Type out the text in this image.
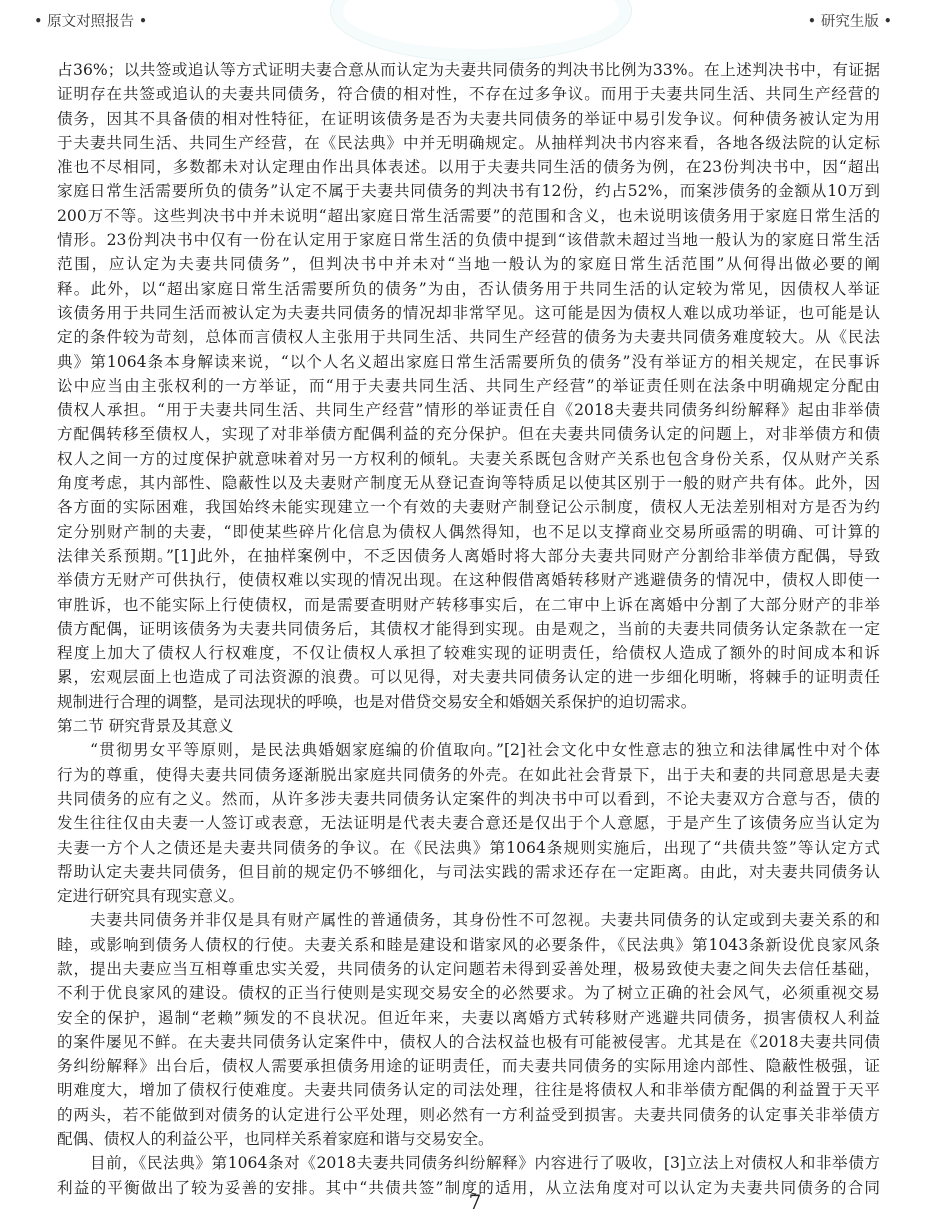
• 原文对照报告 •	• 研究生版 •
占36%；以共签或追认等方式证明夫妻合意从而认定为夫妻共同债务的判决书比例为33%。在上述判决书中，有证据
证明存在共签或追认的夫妻共同债务，符合债的相对性，不存在过多争议。而用于夫妻共同生活、共同生产经营的
债务，因其不具备债的相对性特征，在证明该债务是否为夫妻共同债务的举证中易引发争议。何种债务被认定为用
于夫妻共同生活、共同生产经营，在《民法典》中并无明确规定。从抽样判决书内容来看，各地各级法院的认定标
准也不尽相同，多数都未对认定理由作出具体表述。以用于夫妻共同生活的债务为例，在23份判决书中，因“超出
家庭日常生活需要所负的债务”认定不属于夫妻共同债务的判决书有12份，约占52%，而案涉债务的金额从10万到
200万不等。这些判决书中并未说明“超出家庭日常生活需要”的范围和含义，也未说明该债务用于家庭日常生活的
情形。23份判决书中仅有一份在认定用于家庭日常生活的负债中提到“该借款未超过当地一般认为的家庭日常生活
范围，应认定为夫妻共同债务”，但判决书中并未对“当地一般认为的家庭日常生活范围”从何得出做必要的阐
释。此外，以“超出家庭日常生活需要所负的债务”为由，否认债务用于共同生活的认定较为常见，因债权人举证
该债务用于共同生活而被认定为夫妻共同债务的情况却非常罕见。这可能是因为债权人难以成功举证，也可能是认
定的条件较为苛刻，总体而言债权人主张用于共同生活、共同生产经营的债务为夫妻共同债务难度较大。从《民法
典》第1064条本身解读来说，“以个人名义超出家庭日常生活需要所负的债务”没有举证方的相关规定，在民事诉
讼中应当由主张权利的一方举证，而“用于夫妻共同生活、共同生产经营”的举证责任则在法条中明确规定分配由
债权人承担。“用于夫妻共同生活、共同生产经营”情形的举证责任自《2018夫妻共同债务纠纷解释》起由非举债
方配偶转移至债权人，实现了对非举债方配偶利益的充分保护。但在夫妻共同债务认定的问题上，对非举债方和债
权人之间一方的过度保护就意味着对另一方权利的倾轧。夫妻关系既包含财产关系也包含身份关系，仅从财产关系
角度考虑，其内部性、隐蔽性以及夫妻财产制度无从登记查询等特质足以使其区别于一般的财产共有体。此外，因
各方面的实际困难，我国始终未能实现建立一个有效的夫妻财产制登记公示制度，债权人无法差别相对方是否为约
定分别财产制的夫妻，“即使某些碎片化信息为债权人偶然得知，也不足以支撑商业交易所亟需的明确、可计算的
法律关系预期。”[1]此外，在抽样案例中，不乏因债务人离婚时将大部分夫妻共同财产分割给非举债方配偶，导致
举债方无财产可供执行，使债权难以实现的情况出现。在这种假借离婚转移财产逃避债务的情况中，债权人即使一
审胜诉，也不能实际上行使债权，而是需要查明财产转移事实后，在二审中上诉在离婚中分割了大部分财产的非举
债方配偶，证明该债务为夫妻共同债务后，其债权才能得到实现。由是观之，当前的夫妻共同债务认定条款在一定
程度上加大了债权人行权难度，不仅让债权人承担了较难实现的证明责任，给债权人造成了额外的时间成本和诉
累，宏观层面上也造成了司法资源的浪费。可以见得，对夫妻共同债务认定的进一步细化明晰，将棘手的证明责任
规制进行合理的调整，是司法现状的呼唤，也是对借贷交易安全和婚姻关系保护的迫切需求。
第二节 研究背景及其意义
“贯彻男女平等原则，是民法典婚姻家庭编的价值取向。”[2]社会文化中女性意志的独立和法律属性中对个体
行为的尊重，使得夫妻共同债务逐渐脱出家庭共同债务的外壳。在如此社会背景下，出于夫和妻的共同意思是夫妻
共同债务的应有之义。然而，从许多涉夫妻共同债务认定案件的判决书中可以看到，不论夫妻双方合意与否，债的
发生往往仅由夫妻一人签订或表意，无法证明是代表夫妻合意还是仅出于个人意愿，于是产生了该债务应当认定为
夫妻一方个人之债还是夫妻共同债务的争议。在《民法典》第1064条规则实施后，出现了“共债共签”等认定方式
帮助认定夫妻共同债务，但目前的规定仍不够细化，与司法实践的需求还存在一定距离。由此，对夫妻共同债务认
定进行研究具有现实意义。
夫妻共同债务并非仅是具有财产属性的普通债务，其身份性不可忽视。夫妻共同债务的认定或到夫妻关系的和
睦，或影响到债务人债权的行使。夫妻关系和睦是建设和谐家风的必要条件，《民法典》第1043条新设优良家风条
款，提出夫妻应当互相尊重忠实关爱，共同债务的认定问题若未得到妥善处理，极易致使夫妻之间失去信任基础，
不利于优良家风的建设。债权的正当行使则是实现交易安全的必然要求。为了树立正确的社会风气，必须重视交易
安全的保护，遏制“老赖”频发的不良状况。但近年来，夫妻以离婚方式转移财产逃避共同债务，损害债权人利益
的案件屡见不鲜。在夫妻共同债务认定案件中，债权人的合法权益也极有可能被侵害。尤其是在《2018夫妻共同债
务纠纷解释》出台后，债权人需要承担债务用途的证明责任，而夫妻共同债务的实际用途内部性、隐蔽性极强，证
明难度大，增加了债权行使难度。夫妻共同债务认定的司法处理，往往是将债权人和非举债方配偶的利益置于天平
的两头，若不能做到对债务的认定进行公平处理，则必然有一方利益受到损害。夫妻共同债务的认定事关非举债方
配偶、债权人的利益公平，也同样关系着家庭和谐与交易安全。
目前，《民法典》第1064条对《2018夫妻共同债务纠纷解释》内容进行了吸收，[3]立法上对债权人和非举债方
利益的平衡做出了较为妥善的安排。其中“共债共签”制度的适用，从立法角度对可以认定为夫妻共同债务的合同
7
